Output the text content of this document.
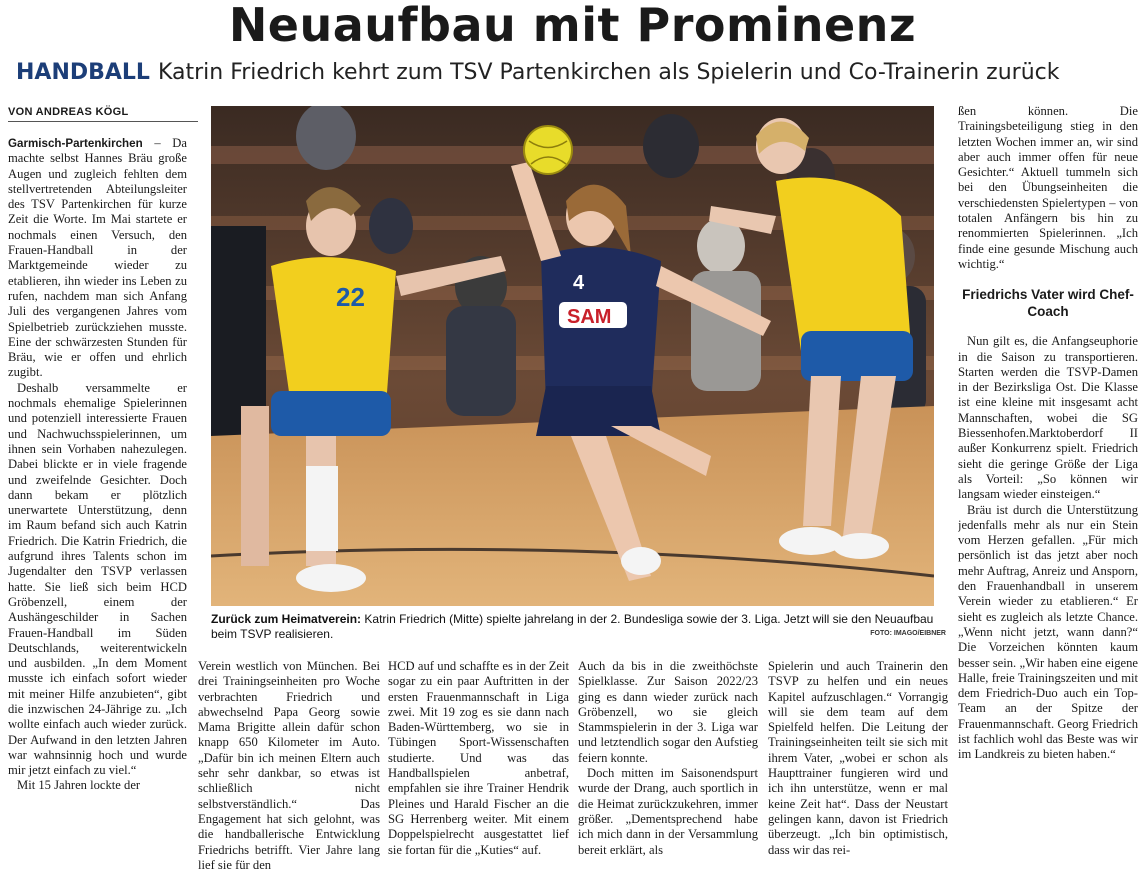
Neuaufbau mit Prominenz
HANDBALL Katrin Friedrich kehrt zum TSV Partenkirchen als Spielerin und Co-Trainerin zurück
VON ANDREAS KÖGL

Garmisch-Partenkirchen – Da machte selbst Hannes Bräu große Augen und zugleich fehlten dem stellvertretenden Abteilungsleiter des TSV Partenkirchen für kurze Zeit die Worte. Im Mai startete er nochmals einen Versuch, den Frauen-Handball in der Marktgemeinde wieder zu etablieren, ihn wieder ins Leben zu rufen, nachdem man sich Anfang Juli des vergangenen Jahres vom Spielbetrieb zurückziehen musste. Eine der schwärzesten Stunden für Bräu, wie er offen und ehrlich zugibt.

Deshalb versammelte er nochmals ehemalige Spielerinnen und potenziell interessierte Frauen und Nachwuchsspielerinnen, um ihnen sein Vorhaben nahezulegen. Dabei blickte er in viele fragende und zweifelnde Gesichter. Doch dann bekam er plötzlich unerwartete Unterstützung, denn im Raum befand sich auch Katrin Friedrich. Die Katrin Friedrich, die aufgrund ihres Talents schon im Jugendalter den TSVP verlassen hatte. Sie ließ sich beim HCD Gröbenzell, einem der Aushängeschilder in Sachen Frauen-Handball im Süden Deutschlands, weiterentwickeln und ausbilden. „In dem Moment musste ich einfach sofort wieder mit meiner Hilfe anzubieten“, gibt die inzwischen 24-Jährige zu. „Ich wollte einfach auch wieder zurück. Der Aufwand in den letzten Jahren war wahnsinnig hoch und wurde mir jetzt einfach zu viel.“

Mit 15 Jahren lockte der

22
SAM
4
Zurück zum Heimatverein: Katrin Friedrich (Mitte) spielte jahrelang in der 2. Bundesliga sowie der 3. Liga. Jetzt will sie den Neuaufbau beim TSVP realisieren.	FOTO: IMAGO/EIBNER

Verein westlich von München. Bei drei Trainingseinheiten pro Woche verbrachten Friedrich und abwechselnd Papa Georg sowie Mama Brigitte allein dafür schon knapp 650 Kilometer im Auto. „Dafür bin ich meinen Eltern auch sehr sehr dankbar, so etwas ist schließlich nicht selbstverständlich.“ Das Engagement hat sich gelohnt, was die handballerische Entwicklung Friedrichs betrifft. Vier Jahre lang lief sie für den

HCD auf und schaffte es in der Zeit sogar zu ein paar Auftritten in der ersten Frauenmannschaft in Liga zwei. Mit 19 zog es sie dann nach Baden-Württemberg, wo sie in Tübingen Sport-Wissenschaften studierte. Und was das Handballspielen anbetraf, empfahlen sie ihre Trainer Hendrik Pleines und Harald Fischer an die SG Herrenberg weiter. Mit einem Doppelspielrecht ausgestattet lief sie fortan für die „Kuties“ auf.

Auch da bis in die zweithöchste Spielklasse. Zur Saison 2022/23 ging es dann wieder zurück nach Gröbenzell, wo sie gleich Stammspielerin in der 3. Liga war und letztendlich sogar den Aufstieg feiern konnte.

Doch mitten im Saisonendspurt wurde der Drang, auch sportlich in die Heimat zurückzukehren, immer größer. „Dementsprechend habe ich mich dann in der Versammlung bereit erklärt, als

Spielerin und auch Trainerin den TSVP zu helfen und ein neues Kapitel aufzuschlagen.“ Vorrangig will sie dem team auf dem Spielfeld helfen. Die Leitung der Trainingseinheiten teilt sie sich mit ihrem Vater, „wobei er schon als Haupttrainer fungieren wird und ich ihn unterstütze, wenn er mal keine Zeit hat“. Dass der Neustart gelingen kann, davon ist Friedrich überzeugt. „Ich bin optimistisch, dass wir das rei-

ßen können. Die Trainingsbeteiligung stieg in den letzten Wochen immer an, wir sind aber auch immer offen für neue Gesichter.“ Aktuell tummeln sich bei den Übungseinheiten die verschiedensten Spielertypen – von totalen Anfängern bis hin zu renommierten Spielerinnen. „Ich finde eine gesunde Mischung auch wichtig.“

Friedrichs Vater wird Chef-Coach

Nun gilt es, die Anfangseuphorie in die Saison zu transportieren. Starten werden die TSVP-Damen in der Bezirksliga Ost. Die Klasse ist eine kleine mit insgesamt acht Mannschaften, wobei die SG Biessenhofen.Marktoberdorf II außer Konkurrenz spielt. Friedrich sieht die geringe Größe der Liga als Vorteil: „So können wir langsam wieder einsteigen.“

Bräu ist durch die Unterstützung jedenfalls mehr als nur ein Stein vom Herzen gefallen. „Für mich persönlich ist das jetzt aber noch mehr Auftrag, Anreiz und Ansporn, den Frauenhandball in unserem Verein wieder zu etablieren.“ Er sieht es zugleich als letzte Chance. „Wenn nicht jetzt, wann dann?“ Die Vorzeichen könnten kaum besser sein. „Wir haben eine eigene Halle, freie Trainingszeiten und mit dem Friedrich-Duo auch ein Top-Team an der Spitze der Frauenmannschaft. Georg Friedrich ist fachlich wohl das Beste was wir im Landkreis zu bieten haben.“
